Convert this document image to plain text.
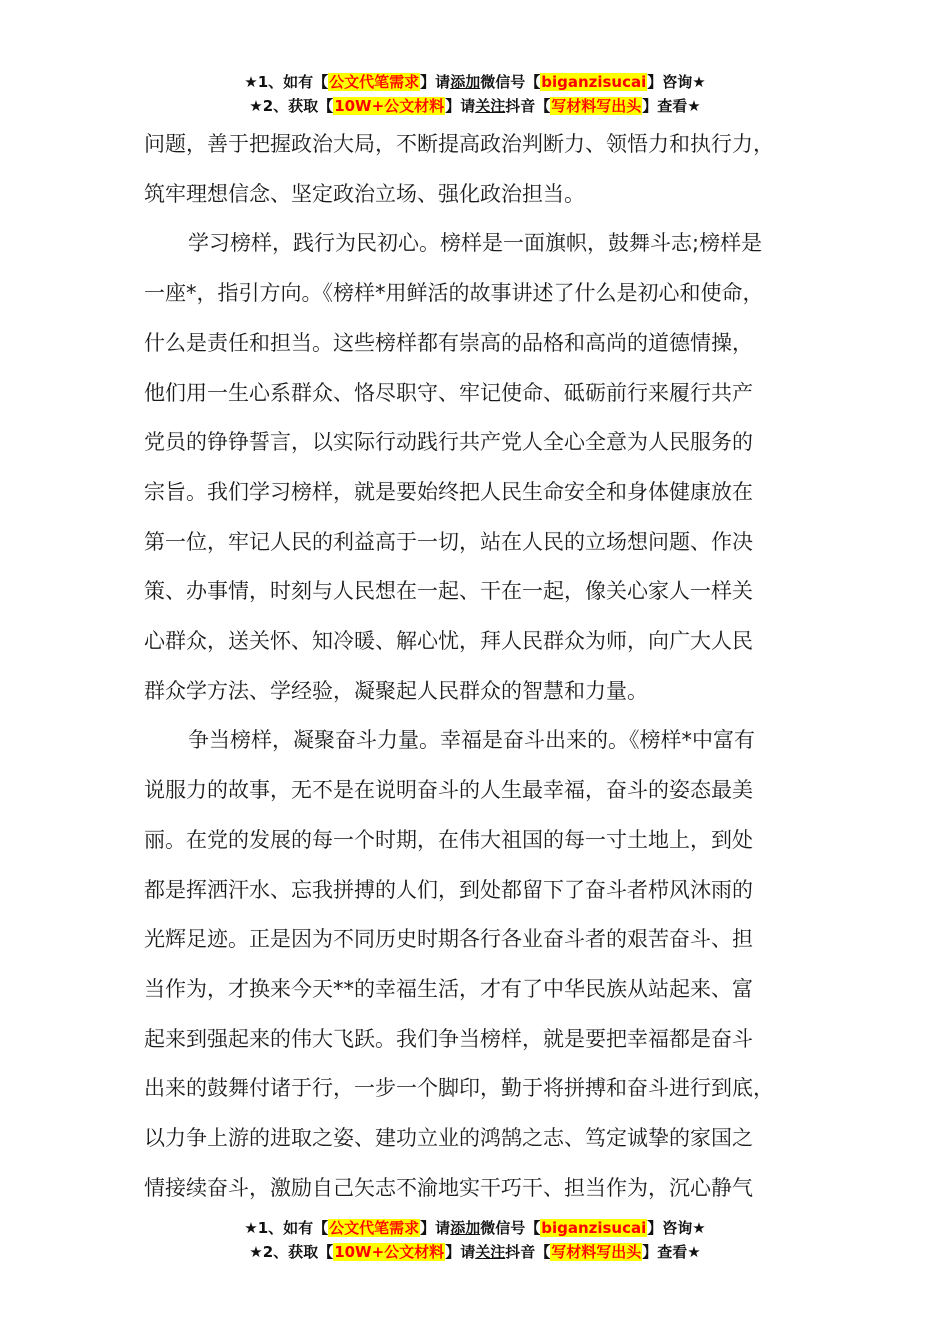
★1、如有【公文代笔需求】请添加微信号【biganzisucai】咨询★
★2、获取【10W+公文材料】请关注抖音【写材料写出头】查看★
问题，善于把握政治大局，不断提高政治判断力、领悟力和执行力，
筑牢理想信念、坚定政治立场、强化政治担当。
学习榜样，践行为民初心。榜样是一面旗帜，鼓舞斗志;榜样是
一座*，指引方向。《榜样*用鲜活的故事讲述了什么是初心和使命，
什么是责任和担当。这些榜样都有崇高的品格和高尚的道德情操，
他们用一生心系群众、恪尽职守、牢记使命、砥砺前行来履行共产
党员的铮铮誓言，以实际行动践行共产党人全心全意为人民服务的
宗旨。我们学习榜样，就是要始终把人民生命安全和身体健康放在
第一位，牢记人民的利益高于一切，站在人民的立场想问题、作决
策、办事情，时刻与人民想在一起、干在一起，像关心家人一样关
心群众，送关怀、知冷暖、解心忧，拜人民群众为师，向广大人民
群众学方法、学经验，凝聚起人民群众的智慧和力量。
争当榜样，凝聚奋斗力量。幸福是奋斗出来的。《榜样*中富有
说服力的故事，无不是在说明奋斗的人生最幸福，奋斗的姿态最美
丽。在党的发展的每一个时期，在伟大祖国的每一寸土地上，到处
都是挥洒汗水、忘我拼搏的人们，到处都留下了奋斗者栉风沐雨的
光辉足迹。正是因为不同历史时期各行各业奋斗者的艰苦奋斗、担
当作为，才换来今天**的幸福生活，才有了中华民族从站起来、富
起来到强起来的伟大飞跃。我们争当榜样，就是要把幸福都是奋斗
出来的鼓舞付诸于行，一步一个脚印，勤于将拼搏和奋斗进行到底，
以力争上游的进取之姿、建功立业的鸿鹄之志、笃定诚挚的家国之
情接续奋斗，激励自己矢志不渝地实干巧干、担当作为，沉心静气
★1、如有【公文代笔需求】请添加微信号【biganzisucai】咨询★
★2、获取【10W+公文材料】请关注抖音【写材料写出头】查看★
